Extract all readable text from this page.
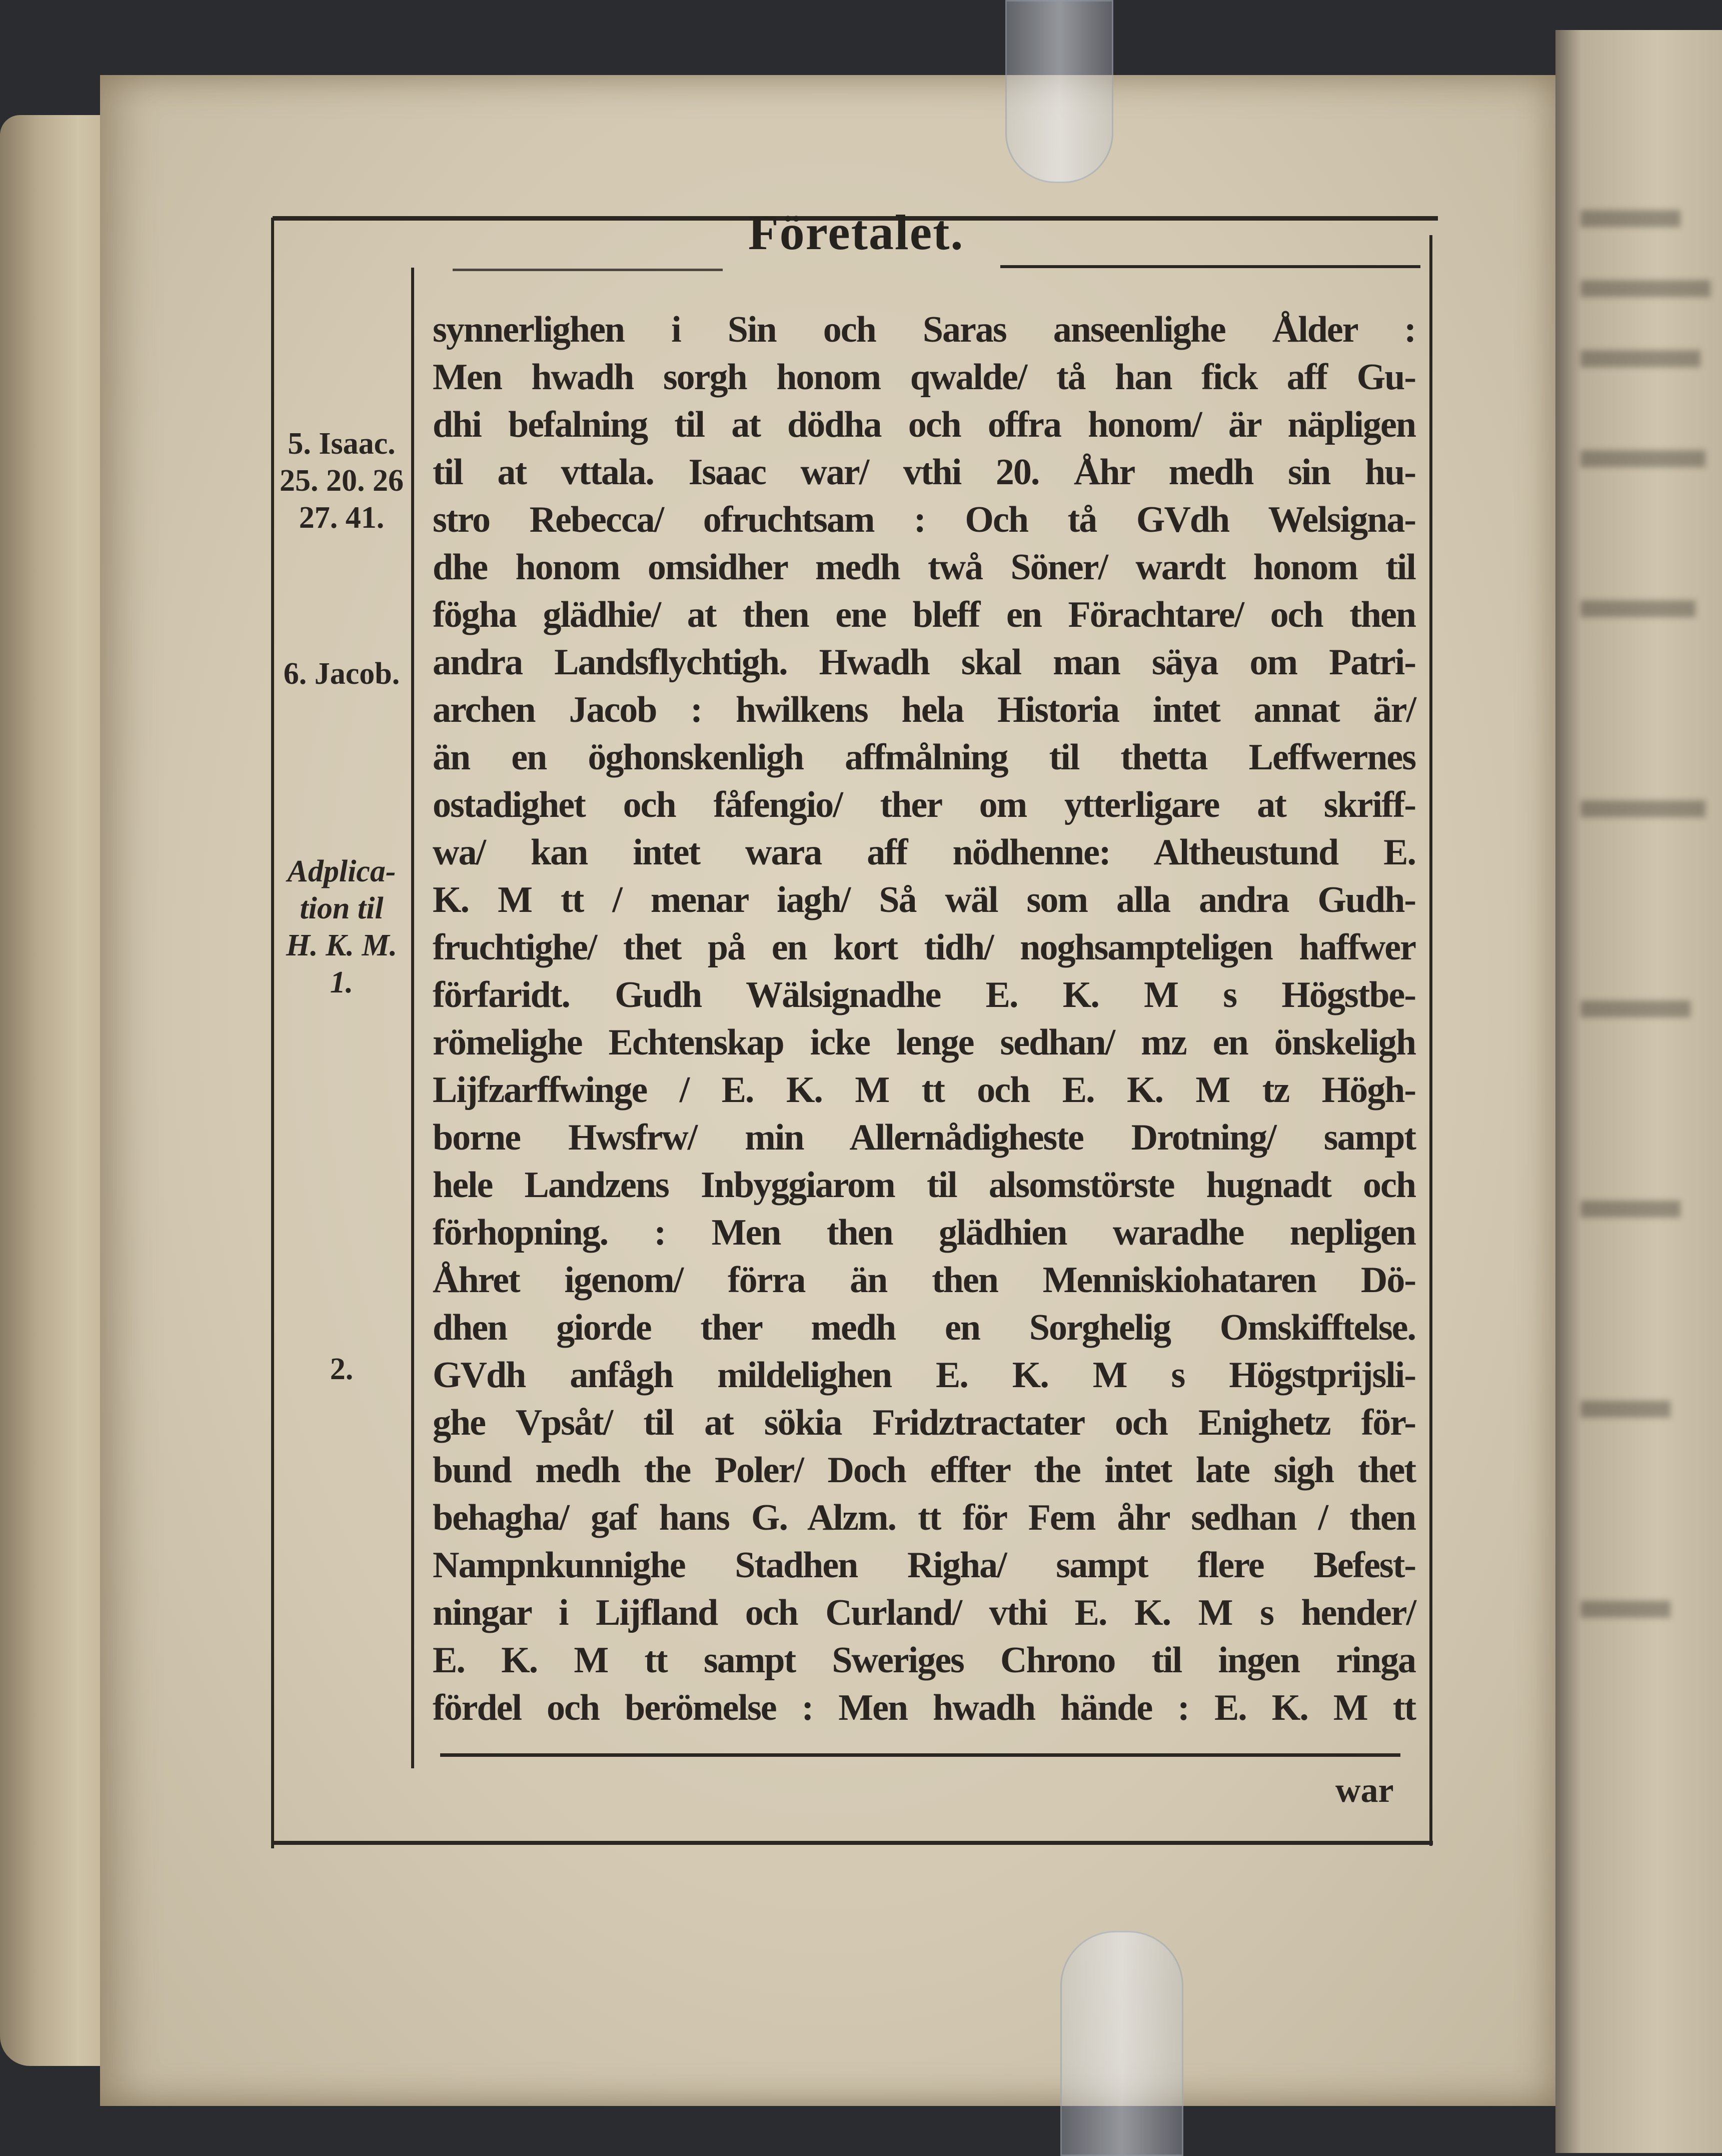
Företalet.
synnerlighen i Sin och Saras anseenlighe Ålder :
Men hwadh sorgh honom qwalde/ tå han fick aff Gu-
dhi befalning til at dödha och offra honom/ är näpligen
til at vttala. Isaac war/ vthi 20. Åhr medh sin hu-
stro Rebecca/ ofruchtsam : Och tå GVdh Welsigna-
dhe honom omsidher medh twå Söner/ wardt honom til
fögha glädhie/ at then ene bleff en Förachtare/ och then
andra Landsflychtigh. Hwadh skal man säya om Patri-
archen Jacob : hwilkens hela Historia intet annat är/
än en öghonskenligh affmålning til thetta Leffwernes
ostadighet och fåfengio/ ther om ytterligare at skriff-
wa/ kan intet wara aff nödhenne: Altheustund E.
K. M tt / menar iagh/ Så wäl som alla andra Gudh-
fruchtighe/ thet på en kort tidh/ noghsampteligen haffwer
förfaridt. Gudh Wälsignadhe E. K. M s Högstbe-
römelighe Echtenskap icke lenge sedhan/ mz en önskeligh
Lijfzarffwinge / E. K. M tt och E. K. M tz Högh-
borne Hwsfrw/ min Allernådigheste Drotning/ sampt
hele Landzens Inbyggiarom til alsomstörste hugnadt och
förhopning. : Men then glädhien waradhe nepligen
Åhret igenom/ förra än then Menniskiohataren Dö-
dhen giorde ther medh en Sorghelig Omskifftelse.
GVdh anfågh mildelighen E. K. M s Högstprijsli-
ghe Vpsåt/ til at sökia Fridztractater och Enighetz för-
bund medh the Poler/ Doch effter the intet late sigh thet
behagha/ gaf hans G. Alzm. tt för Fem åhr sedhan / then
Nampnkunnighe Stadhen Righa/ sampt flere Befest-
ningar i Lijfland och Curland/ vthi E. K. M s hender/
E. K. M tt sampt Sweriges Chrono til ingen ringa
fördel och berömelse : Men hwadh hände : E. K. M tt
5. Isaac.
25. 20. 26
27. 41.
6. Jacob.
Adplica-
tion til
H. K. M.
1.
2.
war
